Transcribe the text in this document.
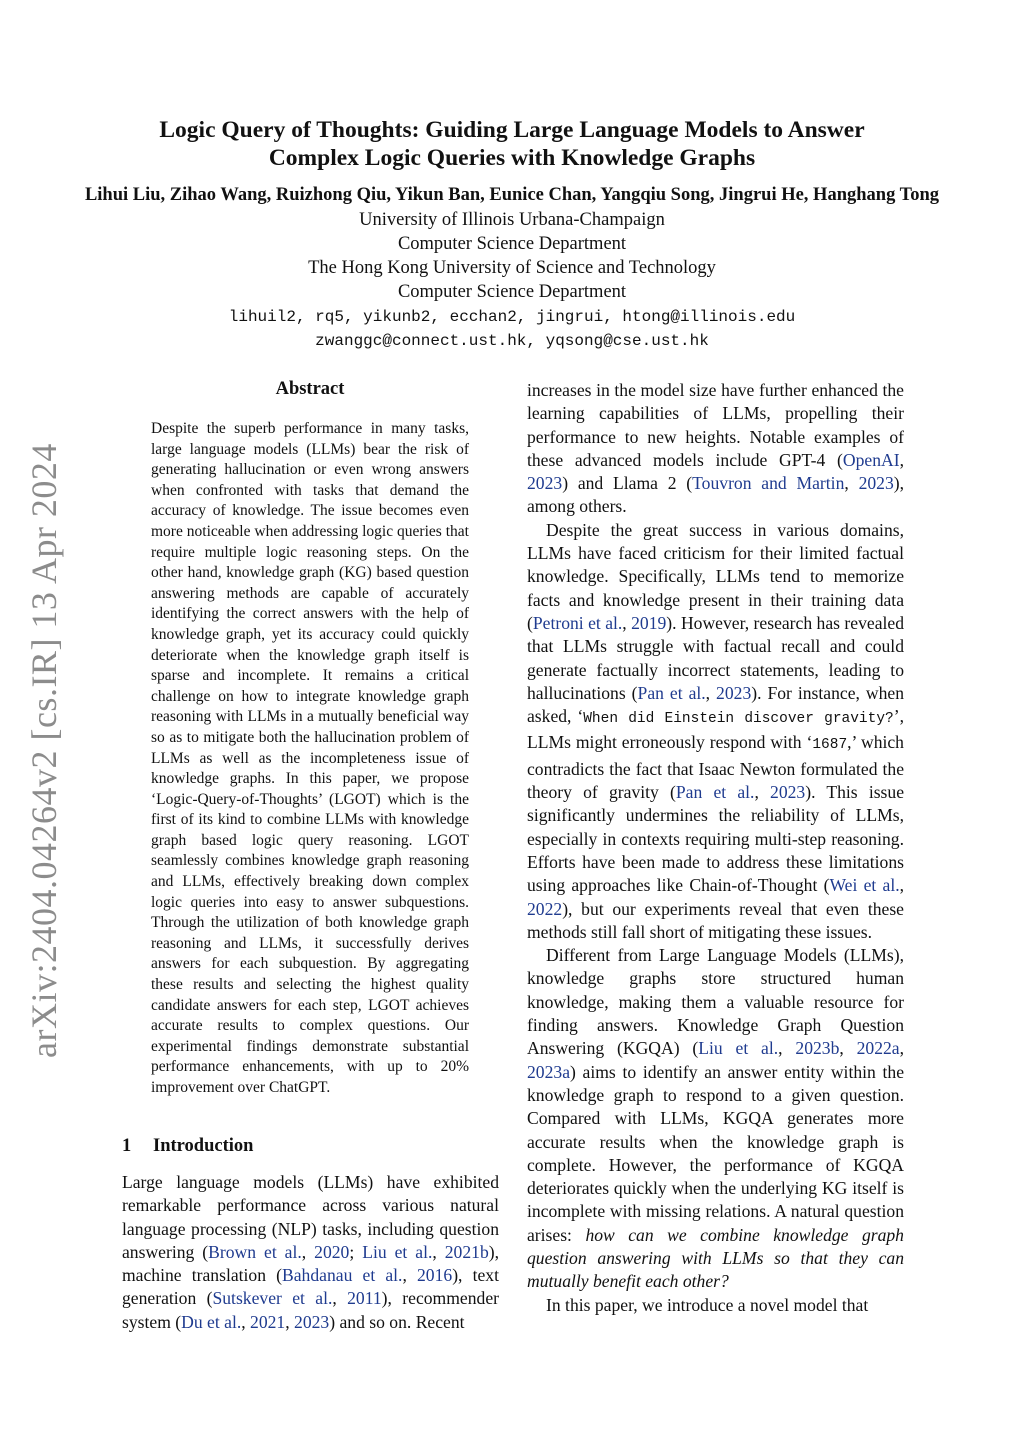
arXiv:2404.04264v2 [cs.IR] 13 Apr 2024
Logic Query of Thoughts: Guiding Large Language Models to Answer
Complex Logic Queries with Knowledge Graphs
Lihui Liu, Zihao Wang, Ruizhong Qiu, Yikun Ban, Eunice Chan, Yangqiu Song, Jingrui He, Hanghang Tong
University of Illinois Urbana-Champaign
Computer Science Department
The Hong Kong University of Science and Technology
Computer Science Department
lihuil2, rq5, yikunb2, ecchan2, jingrui, htong@illinois.edu
zwanggc@connect.ust.hk, yqsong@cse.ust.hk
Abstract
Despite the superb performance in many tasks, large language models (LLMs) bear the risk of generating hallucination or even wrong answers when confronted with tasks that demand the accuracy of knowledge. The issue becomes even more noticeable when addressing logic queries that require multiple logic reasoning steps. On the other hand, knowledge graph (KG) based question answering methods are capable of accurately identifying the correct answers with the help of knowledge graph, yet its accuracy could quickly deteriorate when the knowledge graph itself is sparse and incomplete. It remains a critical challenge on how to integrate knowledge graph reasoning with LLMs in a mutually beneficial way so as to mitigate both the hallucination problem of LLMs as well as the incompleteness issue of knowledge graphs. In this paper, we propose ‘Logic-Query-of-Thoughts’ (LGOT) which is the first of its kind to combine LLMs with knowledge graph based logic query reasoning. LGOT seamlessly combines knowledge graph reasoning and LLMs, effectively breaking down complex logic queries into easy to answer subquestions. Through the utilization of both knowledge graph reasoning and LLMs, it successfully derives answers for each subquestion. By aggregating these results and selecting the highest quality candidate answers for each step, LGOT achieves accurate results to complex questions. Our experimental findings demonstrate substantial performance enhancements, with up to 20% improvement over ChatGPT.
1 Introduction

Large language models (LLMs) have exhibited remarkable performance across various natural language processing (NLP) tasks, including question answering (Brown et al., 2020; Liu et al., 2021b), machine translation (Bahdanau et al., 2016), text generation (Sutskever et al., 2011), recommender system (Du et al., 2021, 2023) and so on. Recent

increases in the model size have further enhanced the learning capabilities of LLMs, propelling their performance to new heights. Notable examples of these advanced models include GPT-4 (OpenAI, 2023) and Llama 2 (Touvron and Martin, 2023), among others.

Despite the great success in various domains, LLMs have faced criticism for their limited factual knowledge. Specifically, LLMs tend to memorize facts and knowledge present in their training data (Petroni et al., 2019). However, research has revealed that LLMs struggle with factual recall and could generate factually incorrect statements, leading to hallucinations (Pan et al., 2023). For instance, when asked, ‘When did Einstein discover gravity?’, LLMs might erroneously respond with ‘1687,’ which contradicts the fact that Isaac Newton formulated the theory of gravity (Pan et al., 2023). This issue significantly undermines the reliability of LLMs, especially in contexts requiring multi-step reasoning. Efforts have been made to address these limitations using approaches like Chain-of-Thought (Wei et al., 2022), but our experiments reveal that even these methods still fall short of mitigating these issues.

Different from Large Language Models (LLMs), knowledge graphs store structured human knowledge, making them a valuable resource for finding answers. Knowledge Graph Question Answering (KGQA) (Liu et al., 2023b, 2022a, 2023a) aims to identify an answer entity within the knowledge graph to respond to a given question. Compared with LLMs, KGQA generates more accurate results when the knowledge graph is complete. However, the performance of KGQA deteriorates quickly when the underlying KG itself is incomplete with missing relations. A natural question arises: how can we combine knowledge graph question answering with LLMs so that they can mutually benefit each other?

In this paper, we introduce a novel model that
